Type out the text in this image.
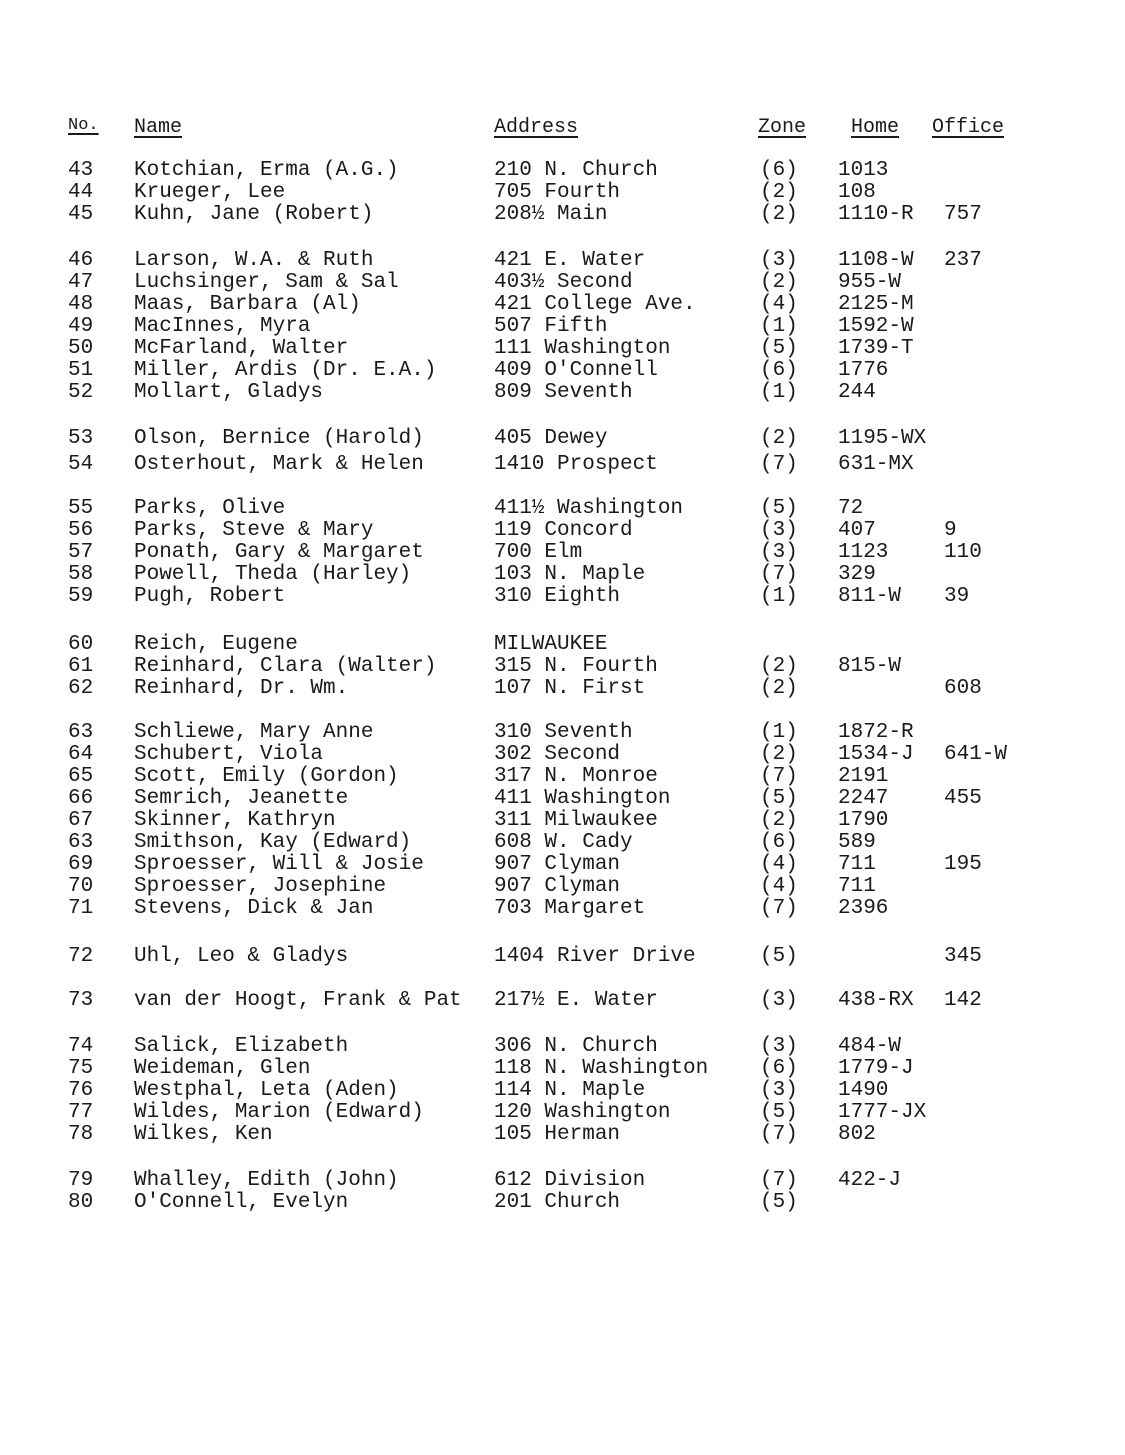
No. Name	Address	Zone Home Office
43 Kotchian, Erma (A.G.)	210 N. Church	(6) 1013
44 Krueger, Lee	705 Fourth	(2) 108
45 Kuhn, Jane (Robert)	208½ Main	(2) 1110-R 757
46 Larson, W.A. & Ruth	421 E. Water	(3) 1108-W 237
47 Luchsinger, Sam & Sal	403½ Second	(2) 955-W
48 Maas, Barbara (Al)	421 College Ave.	(4) 2125-M
49 MacInnes, Myra	507 Fifth	(1) 1592-W
50 McFarland, Walter	111 Washington	(5) 1739-T
51 Miller, Ardis (Dr. E.A.)	409 O'Connell	(6) 1776
52 Mollart, Gladys	809 Seventh	(1) 244
53 Olson, Bernice (Harold)	405 Dewey	(2) 1195-WX
54 Osterhout, Mark & Helen	1410 Prospect	(7) 631-MX
55 Parks, Olive	411½ Washington	(5) 72
56 Parks, Steve & Mary	119 Concord	(3) 407	9
57 Ponath, Gary & Margaret	700 Elm	(3) 1123	110
58 Powell, Theda (Harley)	103 N. Maple	(7) 329
59 Pugh, Robert	310 Eighth	(1) 811-W 39
60 Reich, Eugene	MILWAUKEE
61 Reinhard, Clara (Walter)	315 N. Fourth	(2) 815-W
62 Reinhard, Dr. Wm.	107 N. First	(2)	608
63 Schliewe, Mary Anne	310 Seventh	(1) 1872-R
64 Schubert, Viola	302 Second	(2) 1534-J 641-W
65 Scott, Emily (Gordon)	317 N. Monroe	(7) 2191
66 Semrich, Jeanette	411 Washington	(5) 2247	455
67 Skinner, Kathryn	311 Milwaukee	(2) 1790
63 Smithson, Kay (Edward)	608 W. Cady	(6) 589
69 Sproesser, Will & Josie	907 Clyman	(4) 711	195
70 Sproesser, Josephine	907 Clyman	(4) 711
71 Stevens, Dick & Jan	703 Margaret	(7) 2396
72 Uhl, Leo & Gladys	1404 River Drive	(5)	345
73 van der Hoogt, Frank & Pat 217½ E. Water	(3) 438-RX 142
74 Salick, Elizabeth	306 N. Church	(3) 484-W
75 Weideman, Glen	118 N. Washington (6) 1779-J
76 Westphal, Leta (Aden)	114 N. Maple	(3) 1490
77 Wildes, Marion (Edward)	120 Washington	(5) 1777-JX
78 Wilkes, Ken	105 Herman	(7) 802
79 Whalley, Edith (John)	612 Division	(7) 422-J
80 O'Connell, Evelyn	201 Church	(5)
